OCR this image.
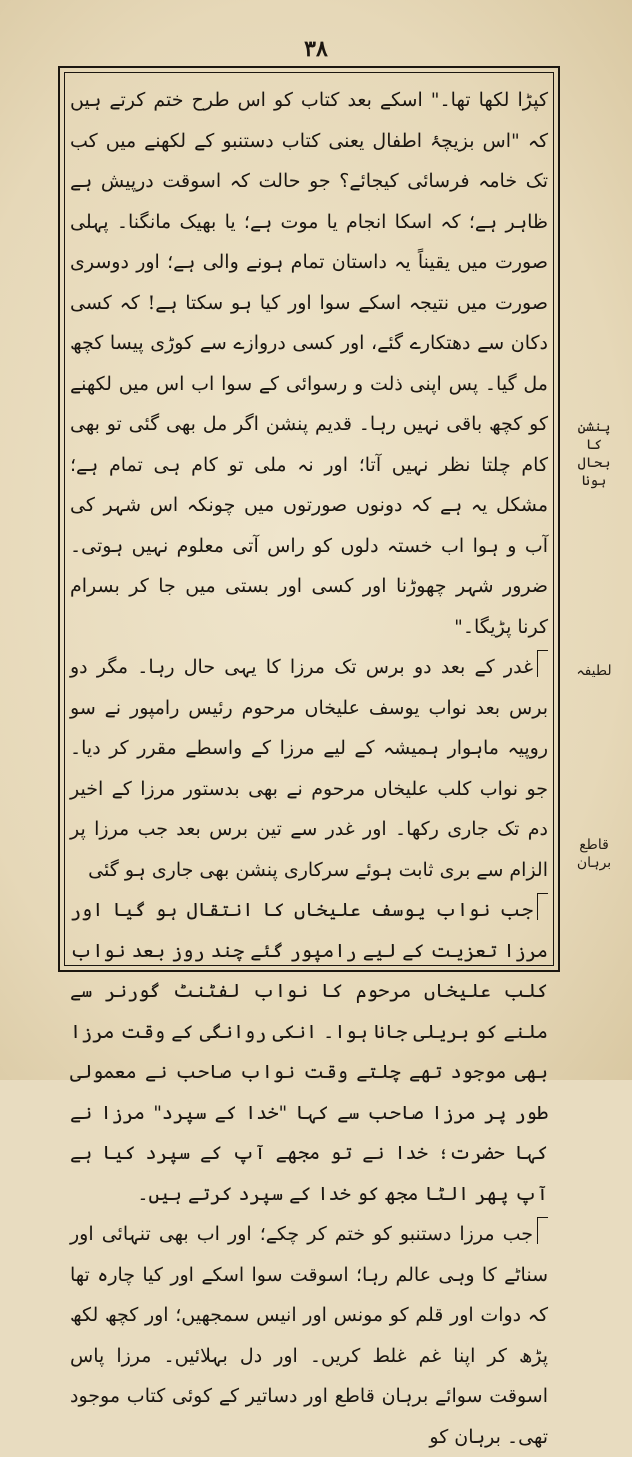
۳۸

کپڑا لکھا تھا۔" اسکے بعد کتاب کو اس طرح ختم کرتے ہیں کہ "اس بزیچۂ اطفال یعنی کتاب دستنبو کے لکھنے میں کب تک خامہ فرسائی کیجائے؟ جو حالت کہ اسوقت درپیش ہے ظاہر ہے؛ کہ اسکا انجام یا موت ہے؛ یا بھیک مانگنا۔ پہلی صورت میں یقیناً یہ داستان تمام ہونے والی ہے؛ اور دوسری صورت میں نتیجہ اسکے سوا اور کیا ہو سکتا ہے! کہ کسی دکان سے دھتکارے گئے، اور کسی دروازے سے کوڑی پیسا کچھ مل گیا۔ پس اپنی ذلت و رسوائی کے سوا اب اس میں لکھنے کو کچھ باقی نہیں رہا۔ قدیم پنشن اگر مل بھی گئی تو بھی کام چلتا نظر نہیں آتا؛ اور نہ ملی تو کام ہی تمام ہے؛ مشکل یہ ہے کہ دونوں صورتوں میں چونکہ اس شہر کی آب و ہوا اب خستہ دلوں کو راس آتی معلوم نہیں ہوتی۔ ضرور شہر چھوڑنا اور کسی اور بستی میں جا کر بسرام کرنا پڑیگا۔"

غدر کے بعد دو برس تک مرزا کا یہی حال رہا۔ مگر دو برس بعد نواب یوسف علیخاں مرحوم رئیس رامپور نے سو روپیہ ماہوار ہمیشہ کے لیے مرزا کے واسطے مقرر کر دیا۔ جو نواب کلب علیخاں مرحوم نے بھی بدستور مرزا کے اخیر دم تک جاری رکھا۔ اور غدر سے تین برس بعد جب مرزا پر الزام سے بری ثابت ہوئے سرکاری پنشن بھی جاری ہو گئی

جب نواب یوسف علیخاں کا انتقال ہو گیا اور مرزا تعزیت کے لیے رامپور گئے چند روز بعد نواب کلب علیخاں مرحوم کا نواب لفٹنٹ گورنر سے ملنے کو بریلی جانا ہوا۔ انکی روانگی کے وقت مرزا بھی موجود تھے چلتے وقت نواب صاحب نے معمولی طور پر مرزا صاحب سے کہا "خدا کے سپرد" مرزا نے کہا حضرت؛ خدا نے تو مجھے آپ کے سپرد کیا ہے آپ پھر الٹا مجھ کو خدا کے سپرد کرتے ہیں۔

جب مرزا دستنبو کو ختم کر چکے؛ اور اب بھی تنہائی اور سناٹے کا وہی عالم رہا؛ اسوقت سوا اسکے اور کیا چارہ تھا کہ دوات اور قلم کو مونس اور انیس سمجھیں؛ اور کچھ لکھ پڑھ کر اپنا غم غلط کریں۔ اور دل بہلائیں۔ مرزا پاس اسوقت سوائے برہان قاطع اور دساتیر کے کوئی کتاب موجود تھی۔ برہان کو

پنشن کا بحال ہونا
لطیفہ
قاطع برہان
